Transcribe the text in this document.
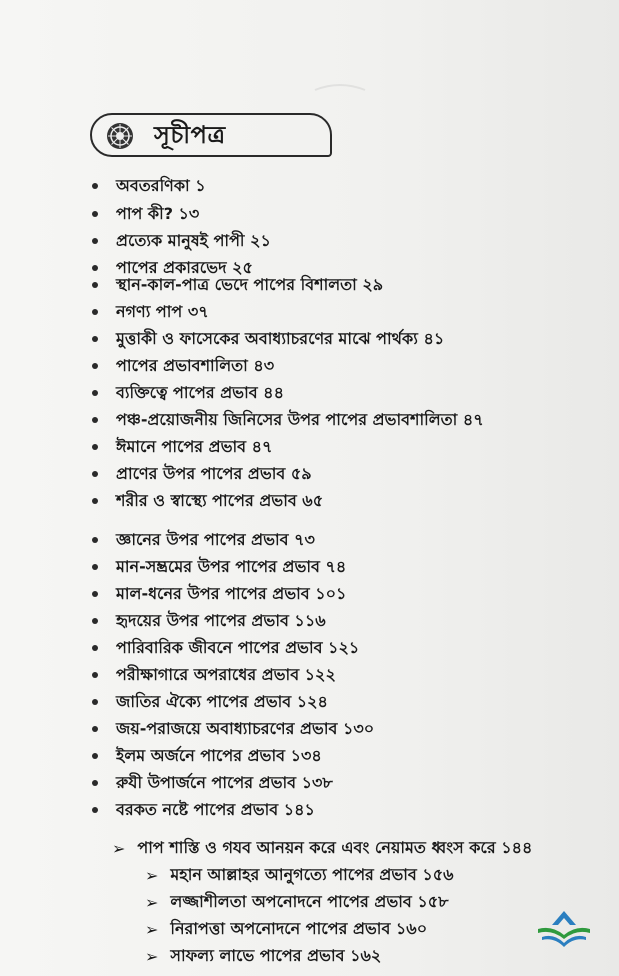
সূচীপত্র
অবতরণিকা ১
পাপ কী? ১৩
প্রত্যেক মানুষই পাপী ২১
পাপের প্রকারভেদ ২৫
স্থান-কাল-পাত্র ভেদে পাপের বিশালতা ২৯
নগণ্য পাপ ৩৭
মুত্তাকী ও ফাসেকের অবাধ্যাচরণের মাঝে পার্থক্য ৪১
পাপের প্রভাবশালিতা ৪৩
ব্যক্তিত্বে পাপের প্রভাব ৪৪
পঞ্চ-প্রয়োজনীয় জিনিসের উপর পাপের প্রভাবশালিতা ৪৭
ঈমানে পাপের প্রভাব ৪৭
প্রাণের উপর পাপের প্রভাব ৫৯
শরীর ও স্বাস্থ্যে পাপের প্রভাব ৬৫
জ্ঞানের উপর পাপের প্রভাব ৭৩
মান-সম্ভ্রমের উপর পাপের প্রভাব ৭৪
মাল-ধনের উপর পাপের প্রভাব ১০১
হৃদয়ের উপর পাপের প্রভাব ১১৬
পারিবারিক জীবনে পাপের প্রভাব ১২১
পরীক্ষাগারে অপরাধের প্রভাব ১২২
জাতির ঐক্যে পাপের প্রভাব ১২৪
জয়-পরাজয়ে অবাধ্যাচরণের প্রভাব ১৩০
ইলম অর্জনে পাপের প্রভাব ১৩৪
রুযী উপার্জনে পাপের প্রভাব ১৩৮
বরকত নষ্টে পাপের প্রভাব ১৪১
➢ পাপ শাস্তি ও গযব আনয়ন করে এবং নেয়ামত ধ্বংস করে ১৪৪
➢ মহান আল্লাহর আনুগত্যে পাপের প্রভাব ১৫৬
➢ লজ্জাশীলতা অপনোদনে পাপের প্রভাব ১৫৮
➢ নিরাপত্তা অপনোদনে পাপের প্রভাব ১৬০
➢ সাফল্য লাভে পাপের প্রভাব ১৬২
